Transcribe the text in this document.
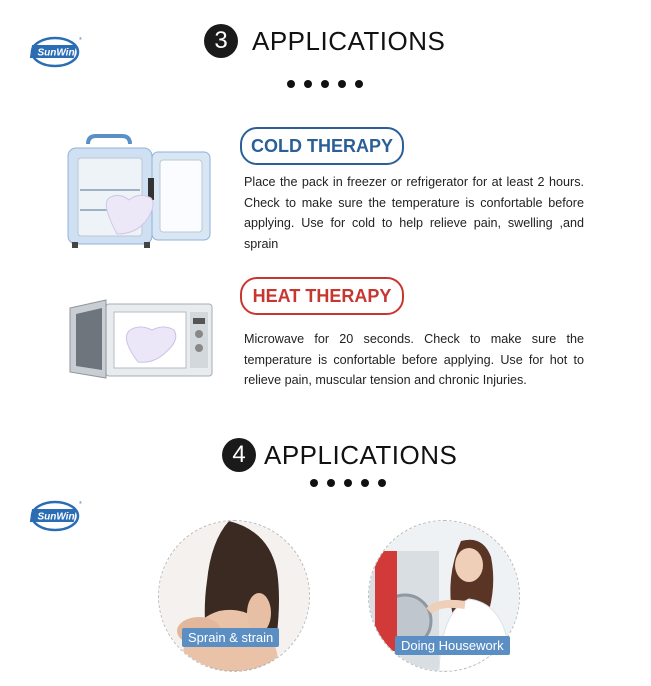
SunWin
®	3 APPLICATIONS
COLD THERAPY

Place the pack in freezer or refrigerator for at least 2 hours. Check to make sure the temperature is confortable before applying. Use for cold to help relieve pain, swelling ,and sprain

HEAT THERAPY

Microwave for 20 seconds. Check to make sure the temperature is confortable before applying. Use for hot to relieve pain, muscular tension and chronic Injuries.

4 APPLICATIONS
SunWin
®
Sprain & strain
Doing Housework
